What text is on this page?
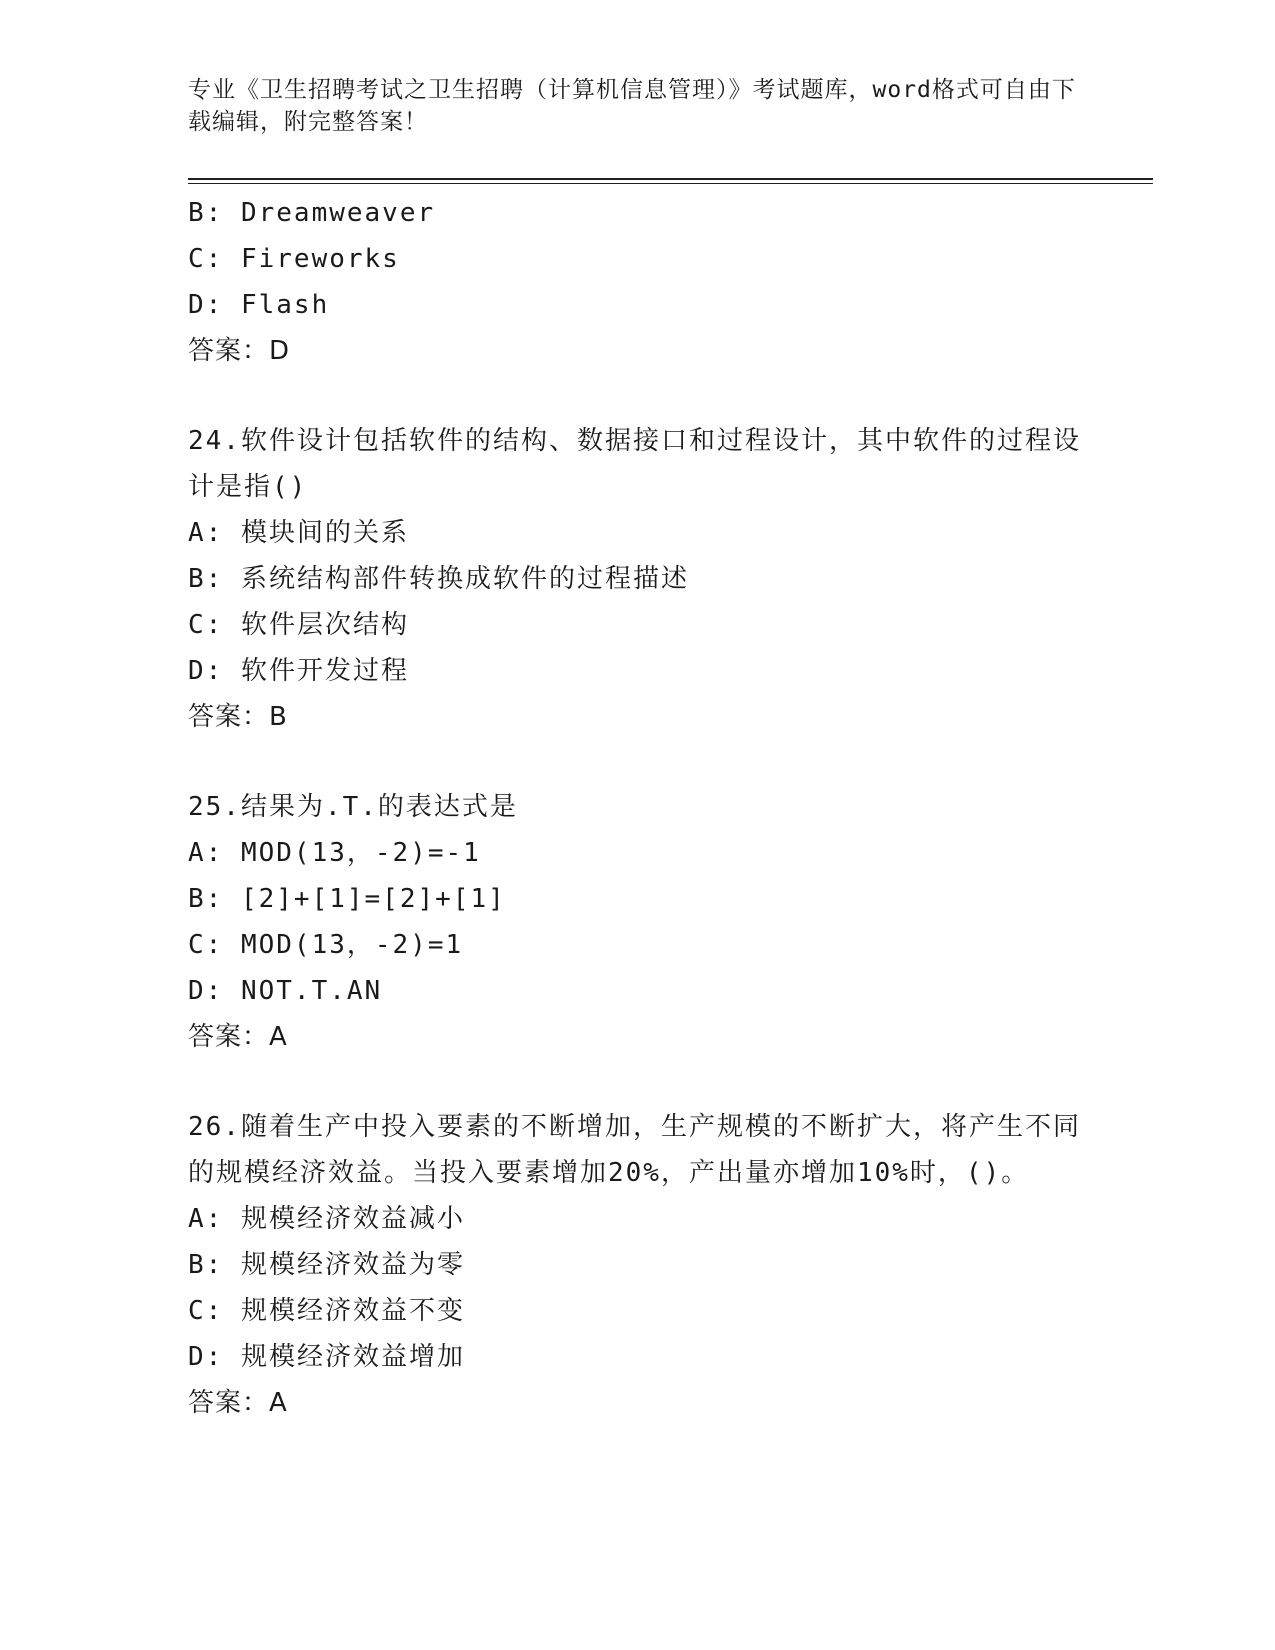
专业《卫生招聘考试之卫生招聘（计算机信息管理）》考试题库，word格式可自由下载编辑，附完整答案！
B: Dreamweaver
C: Fireworks
D: Flash
答案：D
24.软件设计包括软件的结构、数据接口和过程设计，其中软件的过程设计是指()
A: 模块间的关系
B: 系统结构部件转换成软件的过程描述
C: 软件层次结构
D: 软件开发过程
答案：B
25.结果为.T.的表达式是
A: MOD(13，-2)=-1
B: [2]+[1]=[2]+[1]
C: MOD(13，-2)=1
D: NOT.T.AN
答案：A
26.随着生产中投入要素的不断增加，生产规模的不断扩大，将产生不同的规模经济效益。当投入要素增加20%，产出量亦增加10%时，()。
A: 规模经济效益减小
B: 规模经济效益为零
C: 规模经济效益不变
D: 规模经济效益增加
答案：A
